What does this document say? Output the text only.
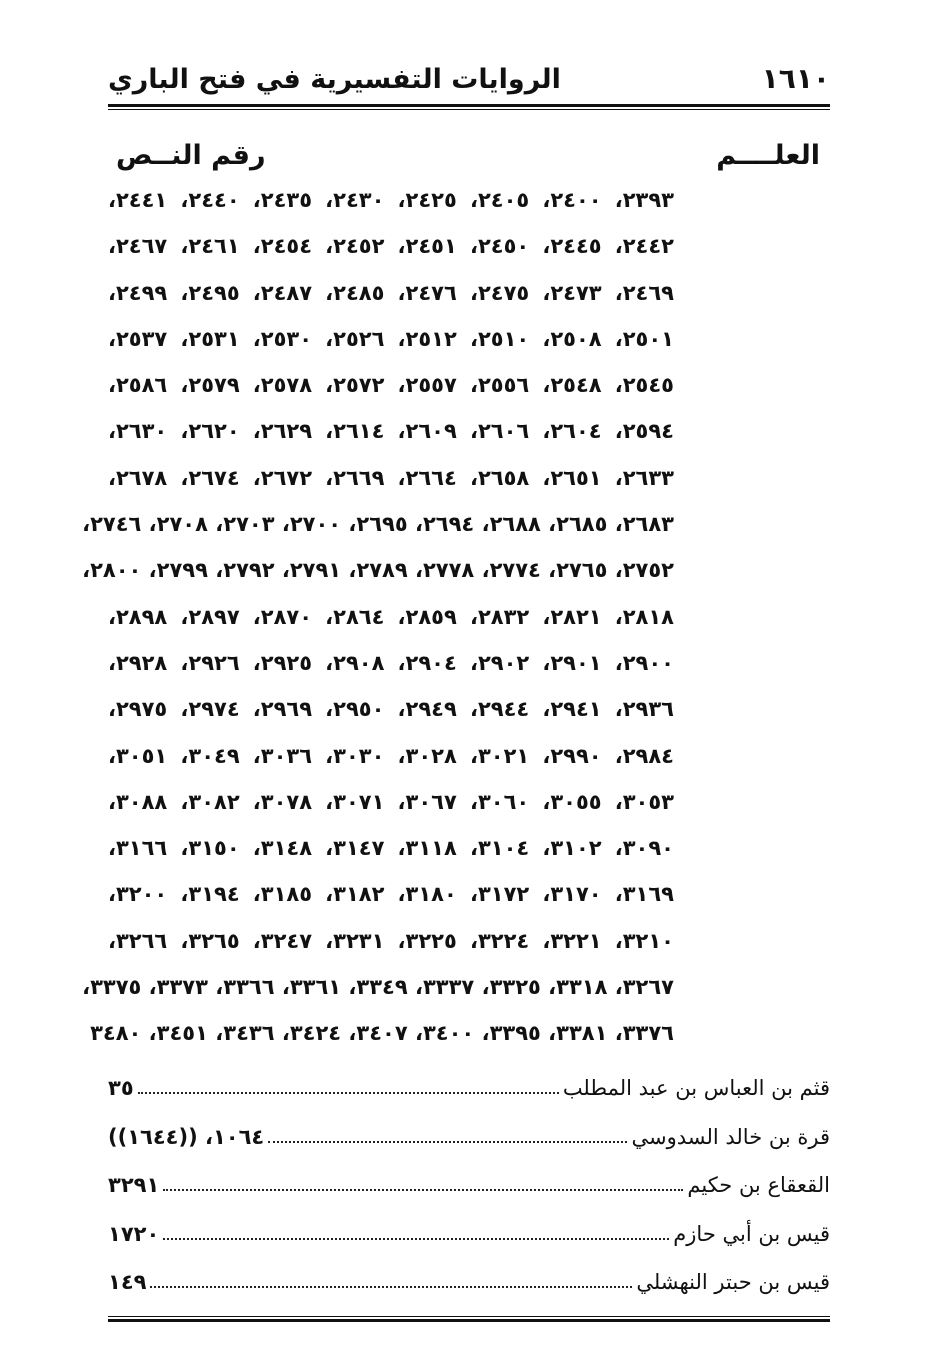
الروايات التفسيرية في فتح الباري	١٦١٠
العلــــم
رقم النــص
٢٣٩٣، ٢٤٠٠، ٢٤٠٥، ٢٤٢٥، ٢٤٣٠، ٢٤٣٥، ٢٤٤٠، ٢٤٤١،
٢٤٤٢، ٢٤٤٥، ٢٤٥٠، ٢٤٥١، ٢٤٥٢، ٢٤٥٤، ٢٤٦١، ٢٤٦٧،
٢٤٦٩، ٢٤٧٣، ٢٤٧٥، ٢٤٧٦، ٢٤٨٥، ٢٤٨٧، ٢٤٩٥، ٢٤٩٩،
٢٥٠١، ٢٥٠٨، ٢٥١٠، ٢٥١٢، ٢٥٢٦، ٢٥٣٠، ٢٥٣١، ٢٥٣٧،
٢٥٤٥، ٢٥٤٨، ٢٥٥٦، ٢٥٥٧، ٢٥٧٢، ٢٥٧٨، ٢٥٧٩، ٢٥٨٦،
٢٥٩٤، ٢٦٠٤، ٢٦٠٦، ٢٦٠٩، ٢٦١٤، ٢٦٢٩، ٢٦٢٠، ٢٦٣٠،
٢٦٣٣، ٢٦٥١، ٢٦٥٨، ٢٦٦٤، ٢٦٦٩، ٢٦٧٢، ٢٦٧٤، ٢٦٧٨،
٢٦٨٣، ٢٦٨٥، ٢٦٨٨، ٢٦٩٤، ٢٦٩٥، ٢٧٠٠، ٢٧٠٣، ٢٧٠٨، ٢٧٤٦،
٢٧٥٢، ٢٧٦٥، ٢٧٧٤، ٢٧٧٨، ٢٧٨٩، ٢٧٩١، ٢٧٩٢، ٢٧٩٩، ٢٨٠٠،
٢٨١٨، ٢٨٢١، ٢٨٣٢، ٢٨٥٩، ٢٨٦٤، ٢٨٧٠، ٢٨٩٧، ٢٨٩٨،
٢٩٠٠، ٢٩٠١، ٢٩٠٢، ٢٩٠٤، ٢٩٠٨، ٢٩٢٥، ٢٩٢٦، ٢٩٢٨،
٢٩٣٦، ٢٩٤١، ٢٩٤٤، ٢٩٤٩، ٢٩٥٠، ٢٩٦٩، ٢٩٧٤، ٢٩٧٥،
٢٩٨٤، ٢٩٩٠، ٣٠٢١، ٣٠٢٨، ٣٠٣٠، ٣٠٣٦، ٣٠٤٩، ٣٠٥١،
٣٠٥٣، ٣٠٥٥، ٣٠٦٠، ٣٠٦٧، ٣٠٧١، ٣٠٧٨، ٣٠٨٢، ٣٠٨٨،
٣٠٩٠، ٣١٠٢، ٣١٠٤، ٣١١٨، ٣١٤٧، ٣١٤٨، ٣١٥٠، ٣١٦٦،
٣١٦٩، ٣١٧٠، ٣١٧٢، ٣١٨٠، ٣١٨٢، ٣١٨٥، ٣١٩٤، ٣٢٠٠،
٣٢١٠، ٣٢٢١، ٣٢٢٤، ٣٢٢٥، ٣٢٣١، ٣٢٤٧، ٣٢٦٥، ٣٢٦٦،
٣٢٦٧، ٣٣١٨، ٣٣٢٥، ٣٣٣٧، ٣٣٤٩، ٣٣٦١، ٣٣٦٦، ٣٣٧٣، ٣٣٧٥،
٣٣٧٦، ٣٣٨١، ٣٣٩٥، ٣٤٠٠، ٣٤٠٧، ٣٤٢٤، ٣٤٣٦، ٣٤٥١، ٣٤٨٠
قثم بن العباس بن عبد المطلب
٣٥
قرة بن خالد السدوسي
١٠٦٤، ((١٦٤٤))
القعقاع بن حكيم
٣٢٩١
قيس بن أبي حازم
١٧٢٠
قيس بن حبتر النهشلي
١٤٩
